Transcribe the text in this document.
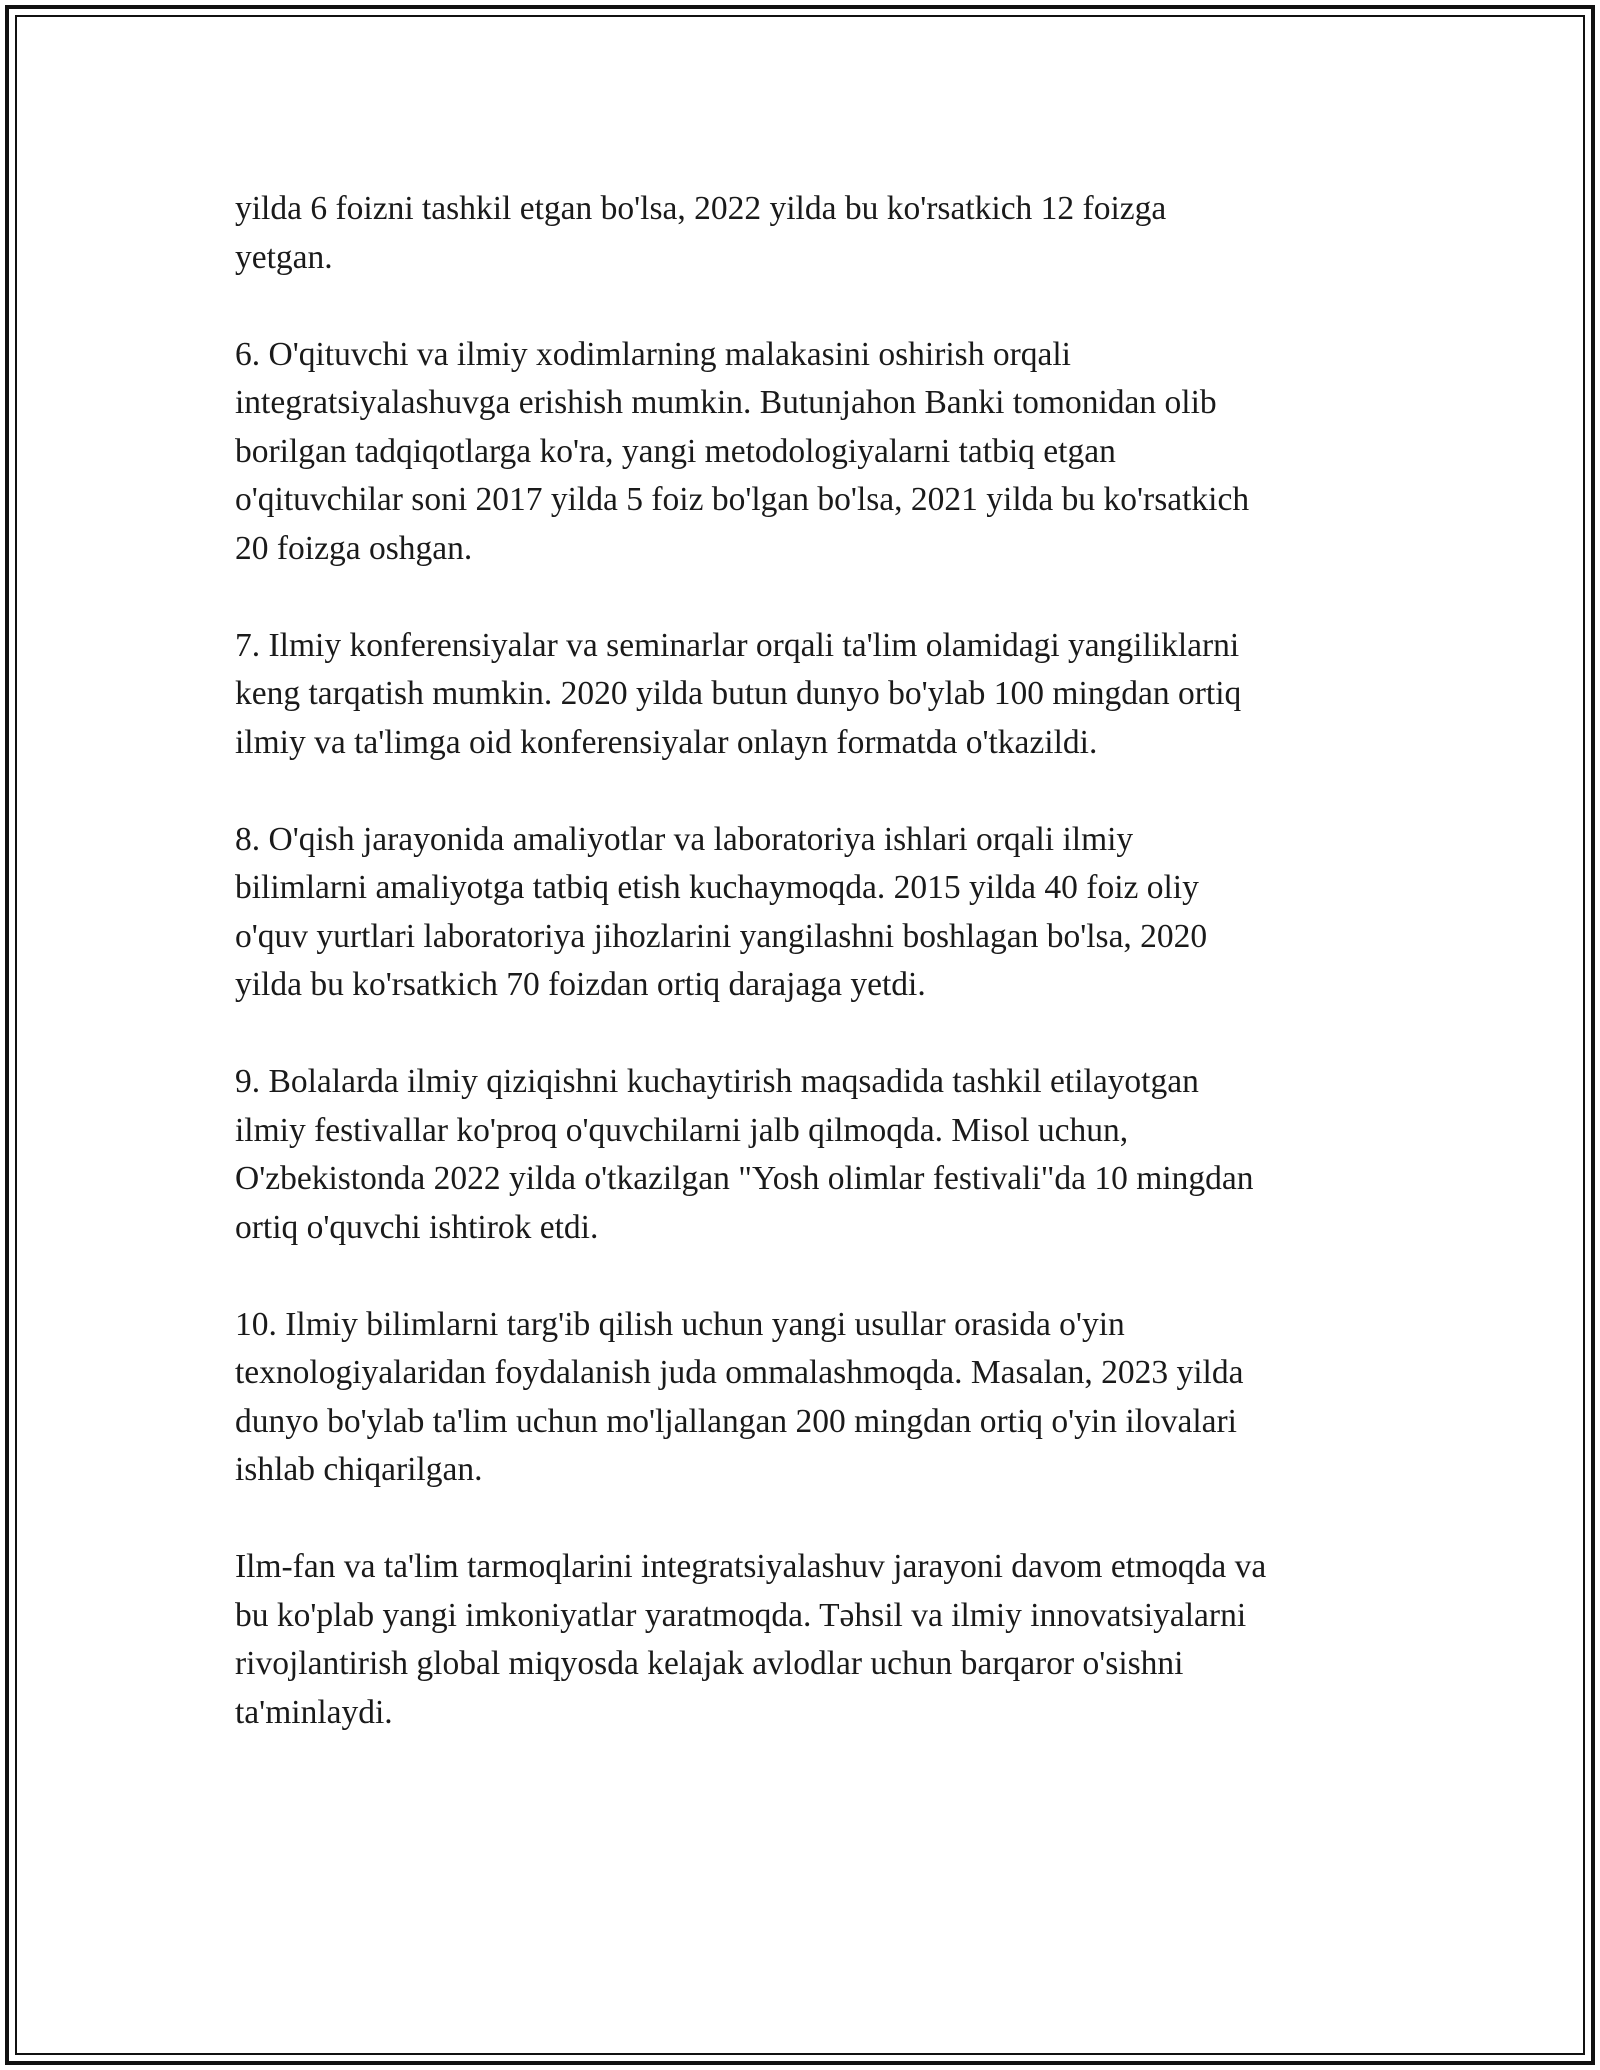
yilda 6 foizni tashkil etgan bo'lsa, 2022 yilda bu ko'rsatkich 12 foizga
yetgan.

6. O'qituvchi va ilmiy xodimlarning malakasini oshirish orqali
integratsiyalashuvga erishish mumkin. Butunjahon Banki tomonidan olib
borilgan tadqiqotlarga ko'ra, yangi metodologiyalarni tatbiq etgan
o'qituvchilar soni 2017 yilda 5 foiz bo'lgan bo'lsa, 2021 yilda bu ko'rsatkich
20 foizga oshgan.

7. Ilmiy konferensiyalar va seminarlar orqali ta'lim olamidagi yangiliklarni
keng tarqatish mumkin. 2020 yilda butun dunyo bo'ylab 100 mingdan ortiq
ilmiy va ta'limga oid konferensiyalar onlayn formatda o'tkazildi.

8. O'qish jarayonida amaliyotlar va laboratoriya ishlari orqali ilmiy
bilimlarni amaliyotga tatbiq etish kuchaymoqda. 2015 yilda 40 foiz oliy
o'quv yurtlari laboratoriya jihozlarini yangilashni boshlagan bo'lsa, 2020
yilda bu ko'rsatkich 70 foizdan ortiq darajaga yetdi.

9. Bolalarda ilmiy qiziqishni kuchaytirish maqsadida tashkil etilayotgan
ilmiy festivallar ko'proq o'quvchilarni jalb qilmoqda. Misol uchun,
O'zbekistonda 2022 yilda o'tkazilgan "Yosh olimlar festivali"da 10 mingdan
ortiq o'quvchi ishtirok etdi.

10. Ilmiy bilimlarni targ'ib qilish uchun yangi usullar orasida o'yin
texnologiyalaridan foydalanish juda ommalashmoqda. Masalan, 2023 yilda
dunyo bo'ylab ta'lim uchun mo'ljallangan 200 mingdan ortiq o'yin ilovalari
ishlab chiqarilgan.

Ilm-fan va ta'lim tarmoqlarini integratsiyalashuv jarayoni davom etmoqda va
bu ko'plab yangi imkoniyatlar yaratmoqda. Təhsil va ilmiy innovatsiyalarni
rivojlantirish global miqyosda kelajak avlodlar uchun barqaror o'sishni
ta'minlaydi.
